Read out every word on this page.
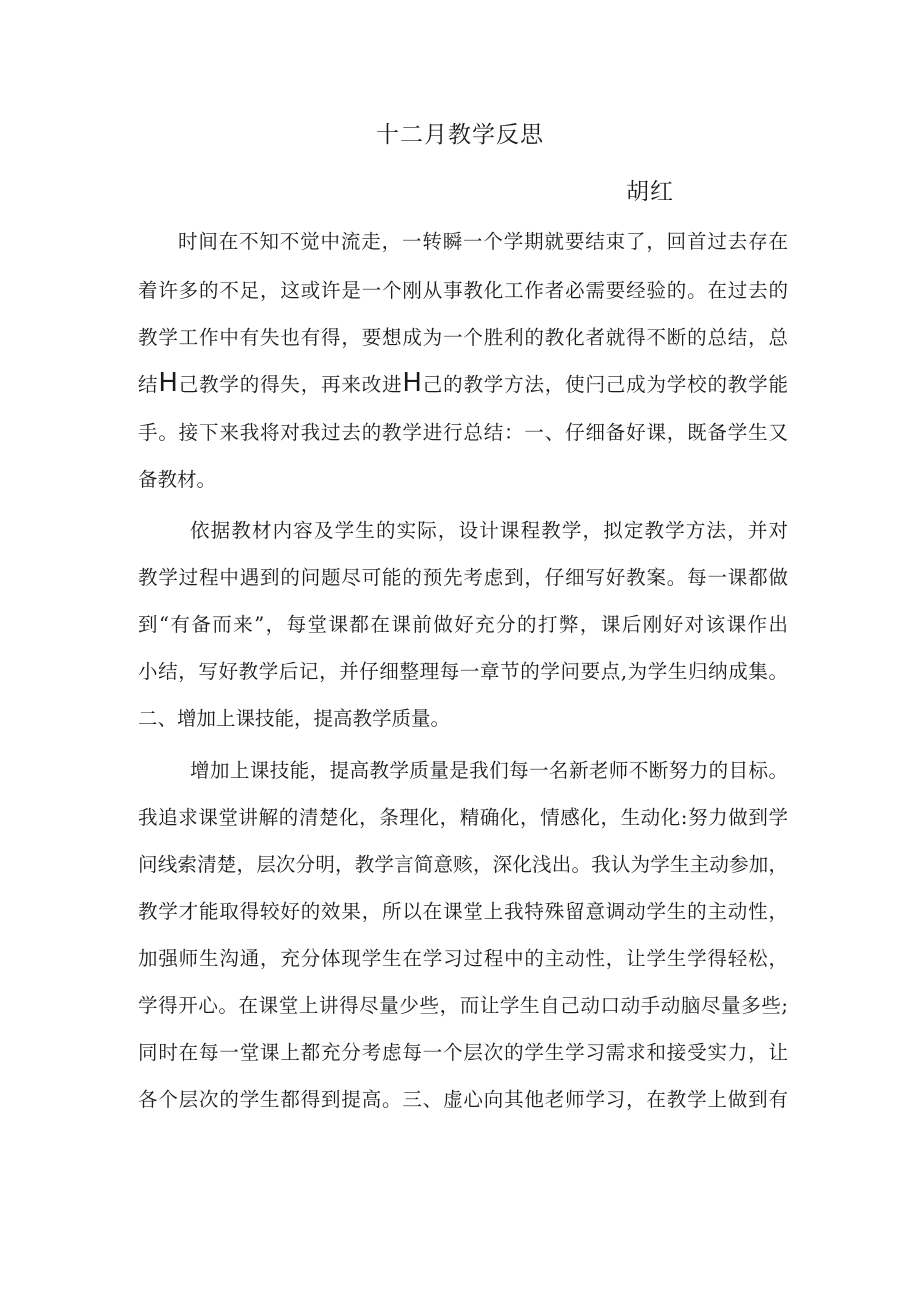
十二月教学反思
胡红
时间在不知不觉中流走，一转瞬一个学期就要结束了，回首过去存在
着许多的不足，这或许是一个刚从事教化工作者必需要经验的。在过去的
教学工作中有失也有得，要想成为一个胜利的教化者就得不断的总结，总
结H己教学的得失，再来改进H己的教学方法，使闩己成为学校的教学能
手。接下来我将对我过去的教学进行总结：一、仔细备好课，既备学生又
备教材。
依据教材内容及学生的实际，设计课程教学，拟定教学方法，并对
教学过程中遇到的问题尽可能的预先考虑到，仔细写好教案。每一课都做
到“有备而来”，每堂课都在课前做好充分的打弊，课后刚好对该课作出
小结，写好教学后记，并仔细整理每一章节的学问要点,为学生归纳成集。
二、增加上课技能，提高教学质量。
增加上课技能，提高教学质量是我们每一名新老师不断努力的目标。
我追求课堂讲解的清楚化，条理化，精确化，情感化，生动化:努力做到学
问线索清楚，层次分明，教学言简意赅，深化浅出。我认为学生主动参加，
教学才能取得较好的效果，所以在课堂上我特殊留意调动学生的主动性，
加强师生沟通，充分体现学生在学习过程中的主动性，让学生学得轻松，
学得开心。在课堂上讲得尽量少些，而让学生自己动口动手动脑尽量多些;
同时在每一堂课上都充分考虑每一个层次的学生学习需求和接受实力，让
各个层次的学生都得到提高。三、虚心向其他老师学习，在教学上做到有
